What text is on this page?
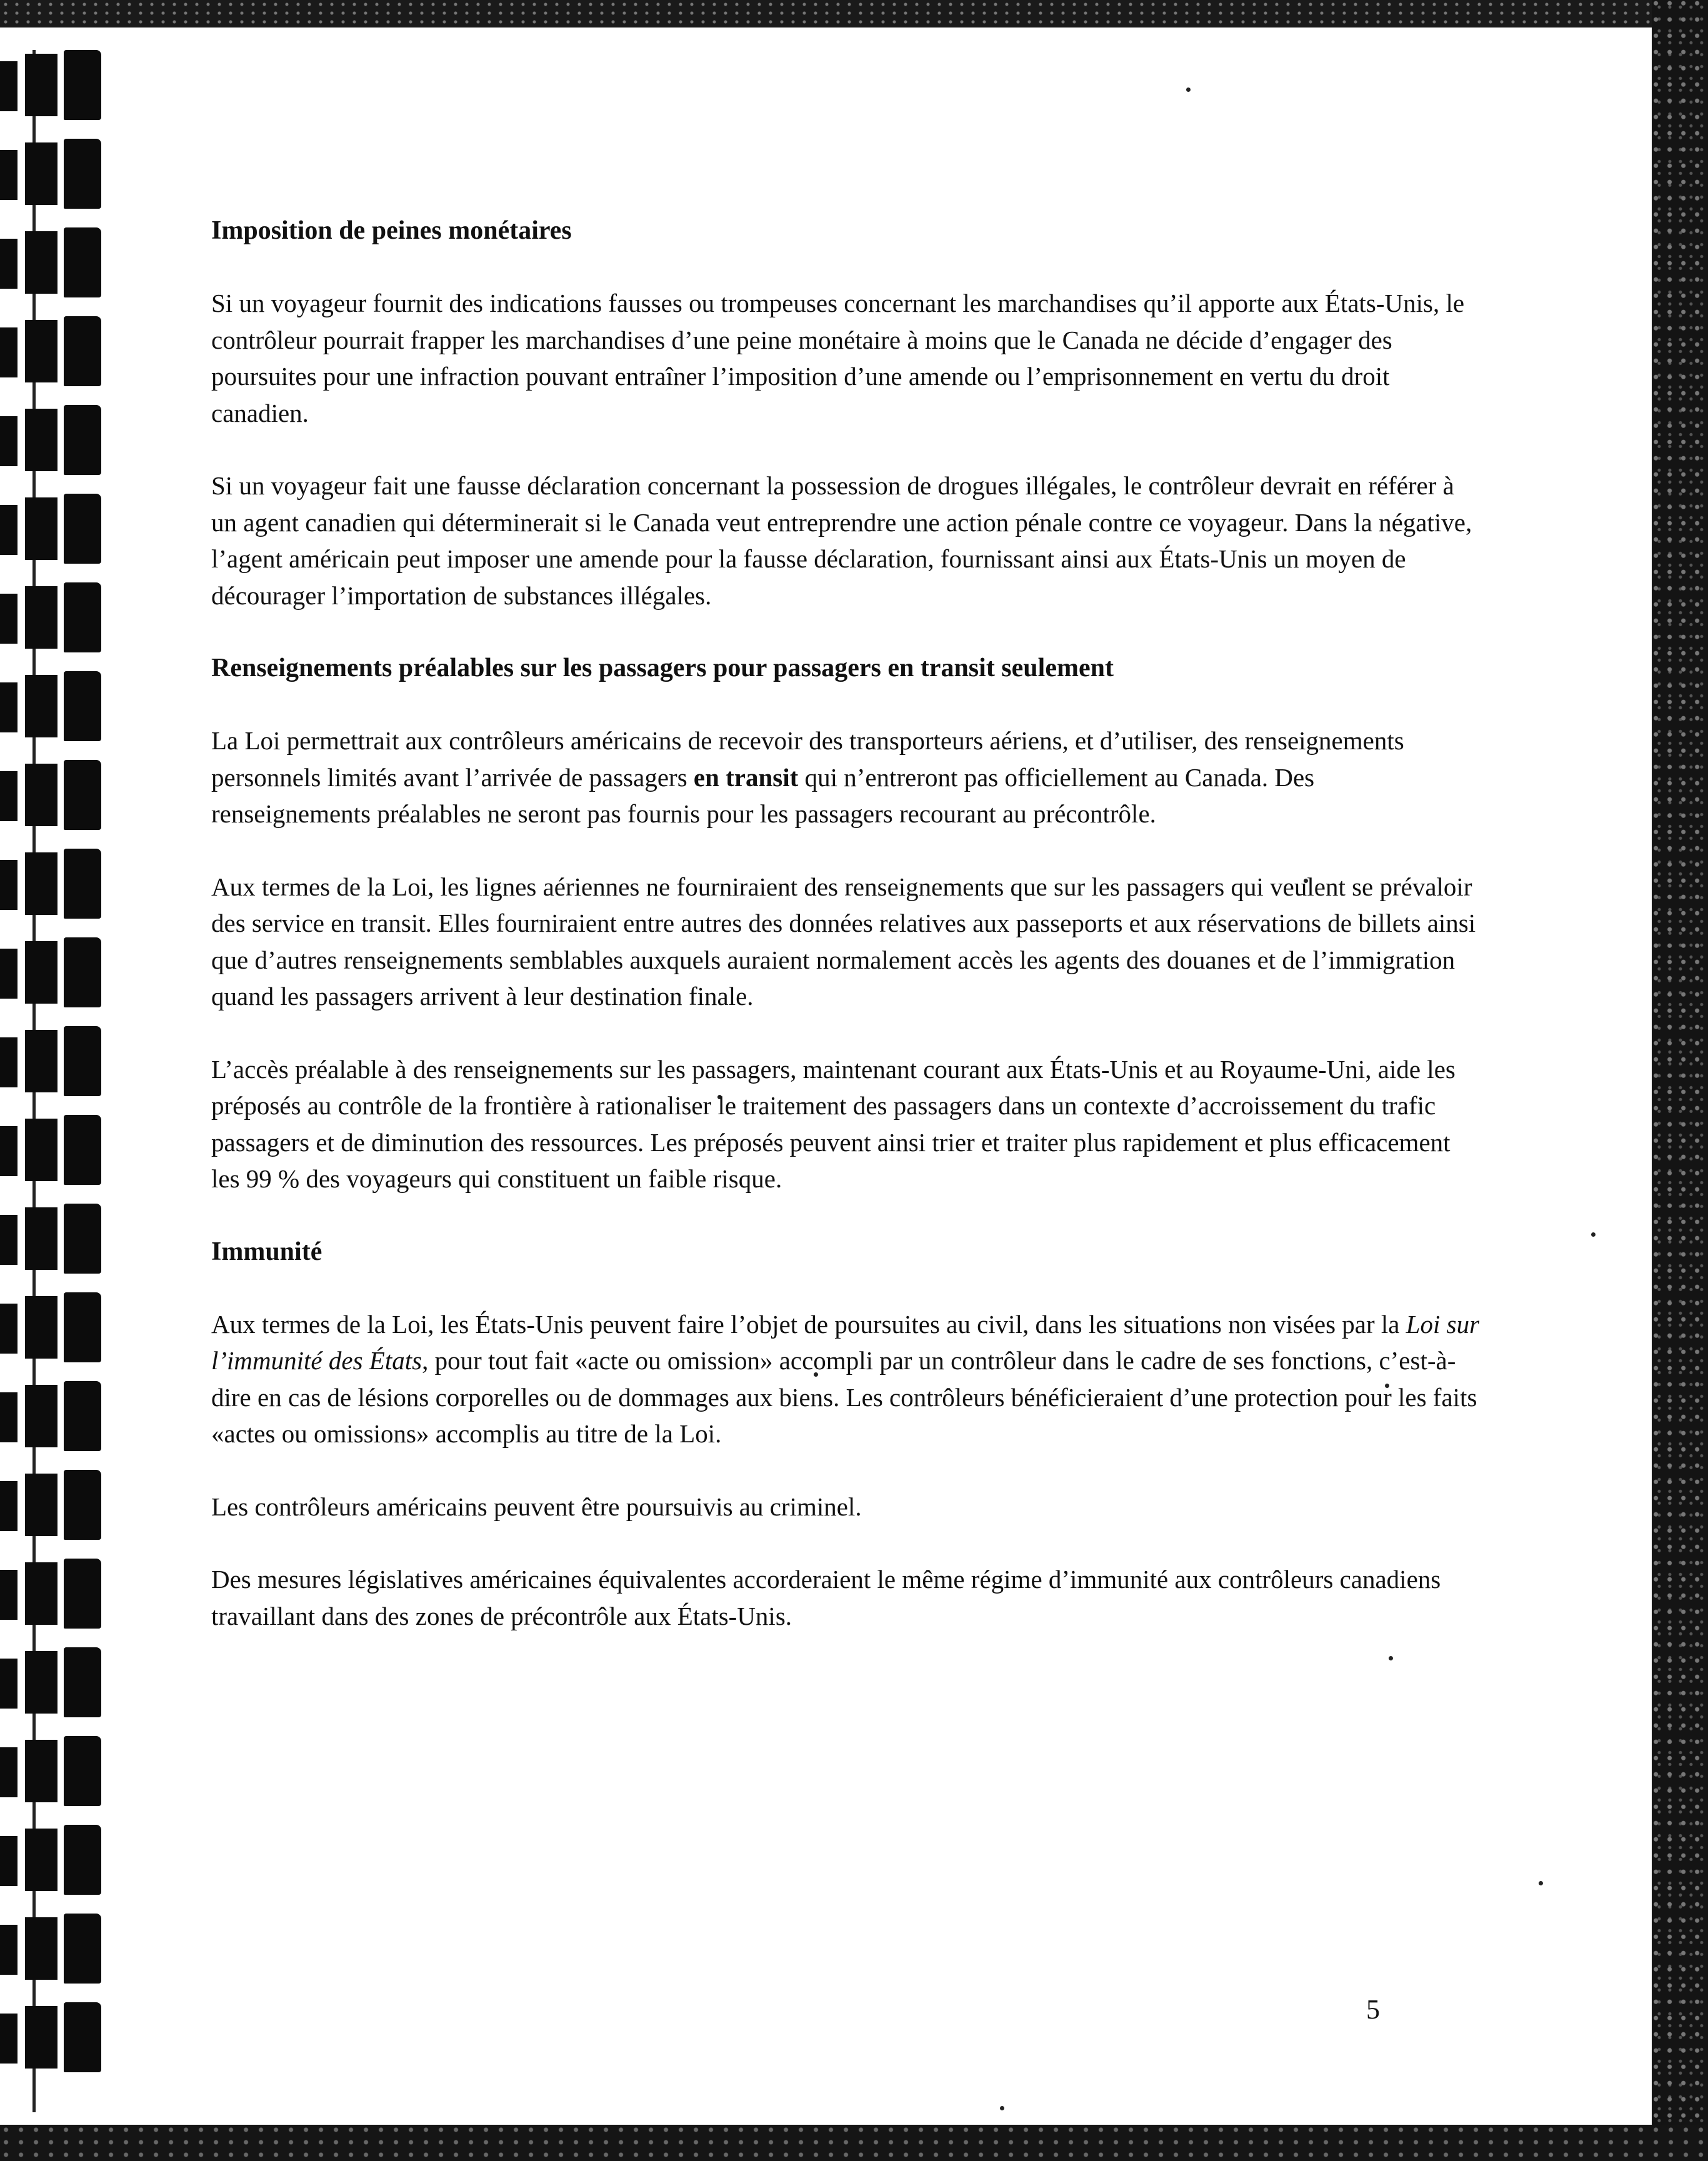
Imposition de peines monétaires

Si un voyageur fournit des indications fausses ou trompeuses concernant les marchandises qu’il apporte aux États-Unis, le contrôleur pourrait frapper les marchandises d’une peine monétaire à moins que le Canada ne décide d’engager des poursuites pour une infraction pouvant entraîner l’imposition d’une amende ou l’emprisonnement en vertu du droit canadien.

Si un voyageur fait une fausse déclaration concernant la possession de drogues illégales, le contrôleur devrait en référer à un agent canadien qui déterminerait si le Canada veut entreprendre une action pénale contre ce voyageur. Dans la négative, l’agent américain peut imposer une amende pour la fausse déclaration, fournissant ainsi aux États-Unis un moyen de décourager l’importation de substances illégales.

Renseignements préalables sur les passagers pour passagers en transit seulement

La Loi permettrait aux contrôleurs américains de recevoir des transporteurs aériens, et d’utiliser, des renseignements personnels limités avant l’arrivée de passagers en transit qui n’entreront pas officiellement au Canada. Des renseignements préalables ne seront pas fournis pour les passagers recourant au précontrôle.

Aux termes de la Loi, les lignes aériennes ne fourniraient des renseignements que sur les passagers qui veulent se prévaloir des service en transit. Elles fourniraient entre autres des données relatives aux passeports et aux réservations de billets ainsi que d’autres renseignements semblables auxquels auraient normalement accès les agents des douanes et de l’immigration quand les passagers arrivent à leur destination finale.

L’accès préalable à des renseignements sur les passagers, maintenant courant aux États-Unis et au Royaume-Uni, aide les préposés au contrôle de la frontière à rationaliser le traitement des passagers dans un contexte d’accroissement du trafic passagers et de diminution des ressources. Les préposés peuvent ainsi trier et traiter plus rapidement et plus efficacement les 99 % des voyageurs qui constituent un faible risque.

Immunité

Aux termes de la Loi, les États-Unis peuvent faire l’objet de poursuites au civil, dans les situations non visées par la Loi sur l’immunité des États, pour tout fait «acte ou omission» accompli par un contrôleur dans le cadre de ses fonctions, c’est-à-dire en cas de lésions corporelles ou de dommages aux biens. Les contrôleurs bénéficieraient d’une protection pour les faits «actes ou omissions» accomplis au titre de la Loi.

Les contrôleurs américains peuvent être poursuivis au criminel.

Des mesures législatives américaines équivalentes accorderaient le même régime d’immunité aux contrôleurs canadiens travaillant dans des zones de précontrôle aux États-Unis.

5
